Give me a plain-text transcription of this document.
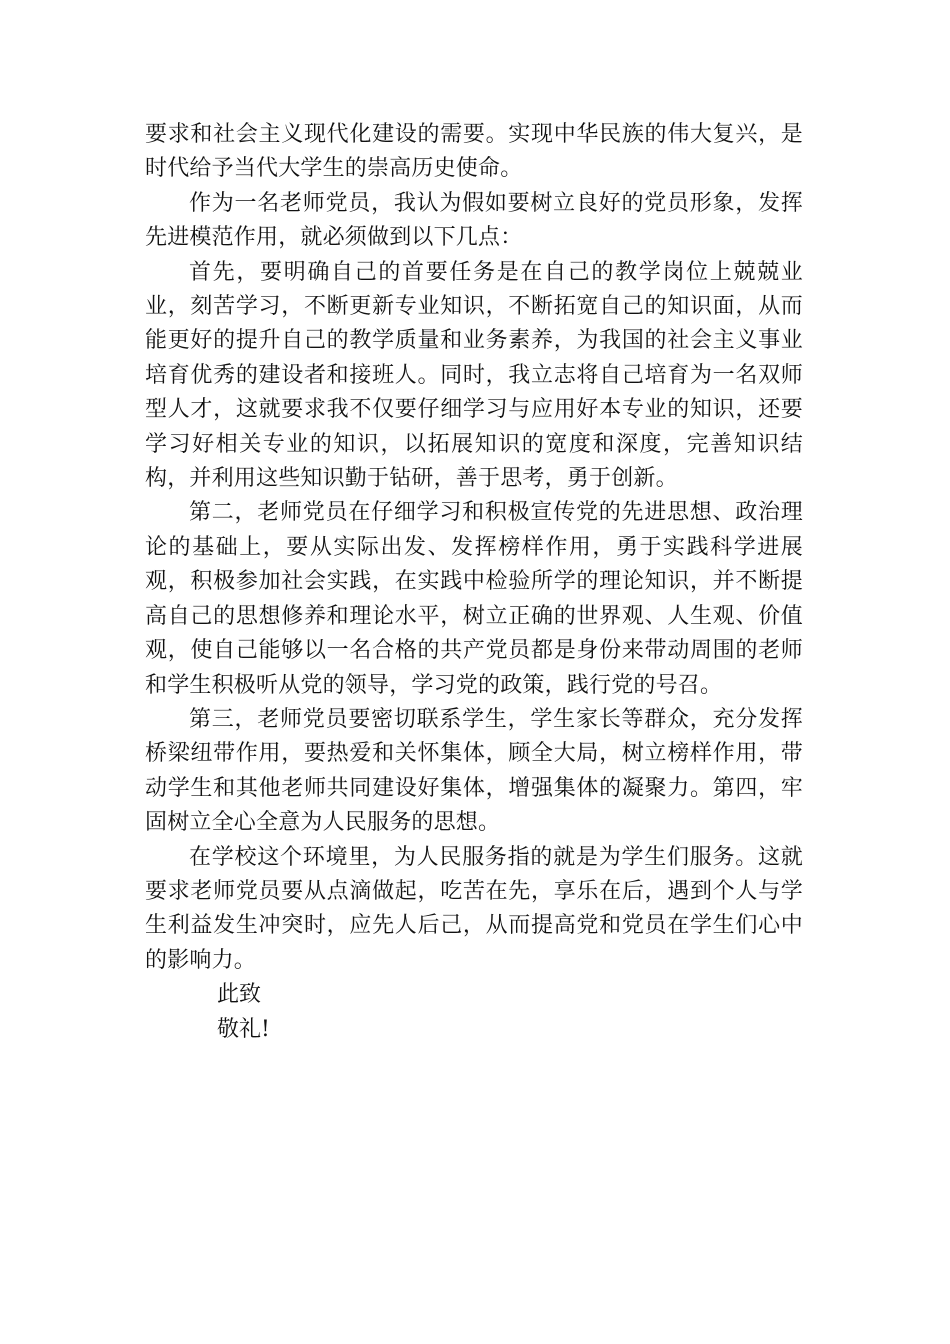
要求和社会主义现代化建设的需要。实现中华民族的伟大复兴，是时代给予当代大学生的崇高历史使命。

作为一名老师党员，我认为假如要树立良好的党员形象，发挥先进模范作用，就必须做到以下几点：

首先，要明确自己的首要任务是在自己的教学岗位上兢兢业业，刻苦学习，不断更新专业知识，不断拓宽自己的知识面，从而能更好的提升自己的教学质量和业务素养，为我国的社会主义事业培育优秀的建设者和接班人。同时，我立志将自己培育为一名双师型人才，这就要求我不仅要仔细学习与应用好本专业的知识，还要学习好相关专业的知识，以拓展知识的宽度和深度，完善知识结构，并利用这些知识勤于钻研，善于思考，勇于创新。

第二，老师党员在仔细学习和积极宣传党的先进思想、政治理论的基础上，要从实际出发、发挥榜样作用，勇于实践科学进展观，积极参加社会实践，在实践中检验所学的理论知识，并不断提高自己的思想修养和理论水平，树立正确的世界观、人生观、价值观，使自己能够以一名合格的共产党员都是身份来带动周围的老师和学生积极听从党的领导，学习党的政策，践行党的号召。

第三，老师党员要密切联系学生，学生家长等群众，充分发挥桥梁纽带作用，要热爱和关怀集体，顾全大局，树立榜样作用，带动学生和其他老师共同建设好集体，增强集体的凝聚力。第四，牢固树立全心全意为人民服务的思想。

在学校这个环境里，为人民服务指的就是为学生们服务。这就要求老师党员要从点滴做起，吃苦在先，享乐在后，遇到个人与学生利益发生冲突时，应先人后己，从而提高党和党员在学生们心中的影响力。

此致

敬礼!
